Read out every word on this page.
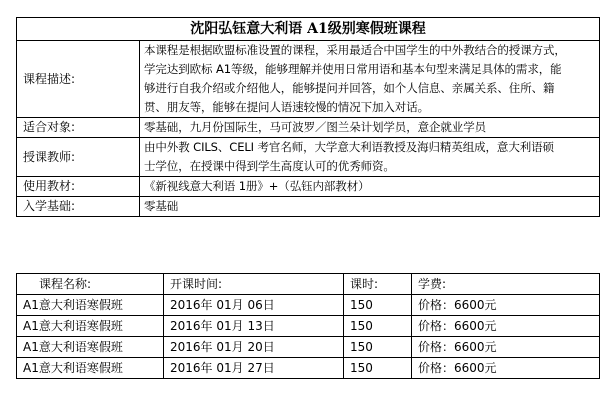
沈阳弘钰意大利语 A1级别寒假班课程	
课程描述:	本课程是根据欧盟标准设置的课程，采用最适合中国学生的中外教结合的授课方式，
学完达到欧标 A1等级，能够理解并使用日常用语和基本句型来满足具体的需求，能
够进行自我介绍或介绍他人，能够提问并回答，如个人信息、亲属关系、住所、籍
贯、朋友等，能够在提问人语速较慢的情况下加入对话。

适合对象:	零基础，九月份国际生，马可波罗／图兰朵计划学员，意企就业学员

授课教师:	由中外教 CILS、CELI 考官名师，大学意大利语教授及海归精英组成，意大利语硕
士学位，在授课中得到学生高度认可的优秀师资。

使用教材:	《新视线意大利语 1册》+（弘钰内部教材）

入学基础:	零基础
课程名称:	开课时间:	课时:	学费:
A1意大利语寒假班	2016年 01月 06日	150	价格：6600元
A1意大利语寒假班	2016年 01月 13日	150	价格：6600元
A1意大利语寒假班	2016年 01月 20日	150	价格：6600元
A1意大利语寒假班	2016年 01月 27日	150	价格：6600元
